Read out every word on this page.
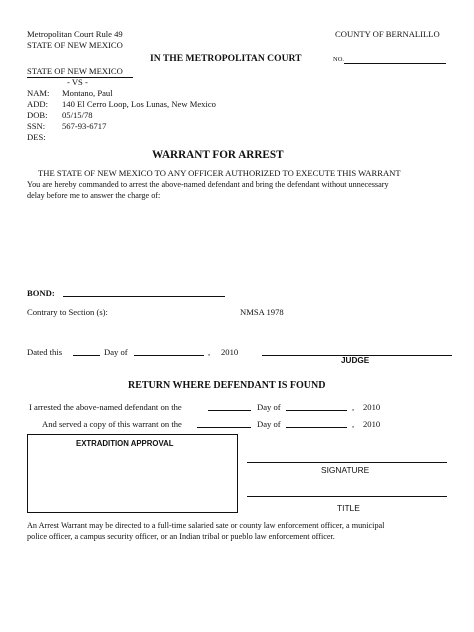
Metropolitan Court Rule 49
STATE OF NEW MEXICO
COUNTY OF BERNALILLO
IN THE METROPOLITAN COURT	NO.
STATE OF NEW MEXICO
- VS -
NAM: Montano, Paul
ADD: 140 El Cerro Loop, Los Lunas, New Mexico
DOB: 05/15/78
SSN: 567-93-6717
DES:
WARRANT FOR ARREST
THE STATE OF NEW MEXICO TO ANY OFFICER AUTHORIZED TO EXECUTE THIS WARRANT
You are hereby commanded to arrest the above-named defendant and bring the defendant without unnecessary
delay before me to answer the charge of:
BOND:
Contrary to Section (s):	NMSA 1978
Dated this	Day of	, 2010
JUDGE
RETURN WHERE DEFENDANT IS FOUND
I arrested the above-named defendant on the	Day of	, 2010
And served a copy of this warrant on the	Day of	, 2010
EXTRADITION APPROVAL
SIGNATURE
TITLE
An Arrest Warrant may be directed to a full-time salaried sate or county law enforcement officer, a municipal
police officer, a campus security officer, or an Indian tribal or pueblo law enforcement officer.
